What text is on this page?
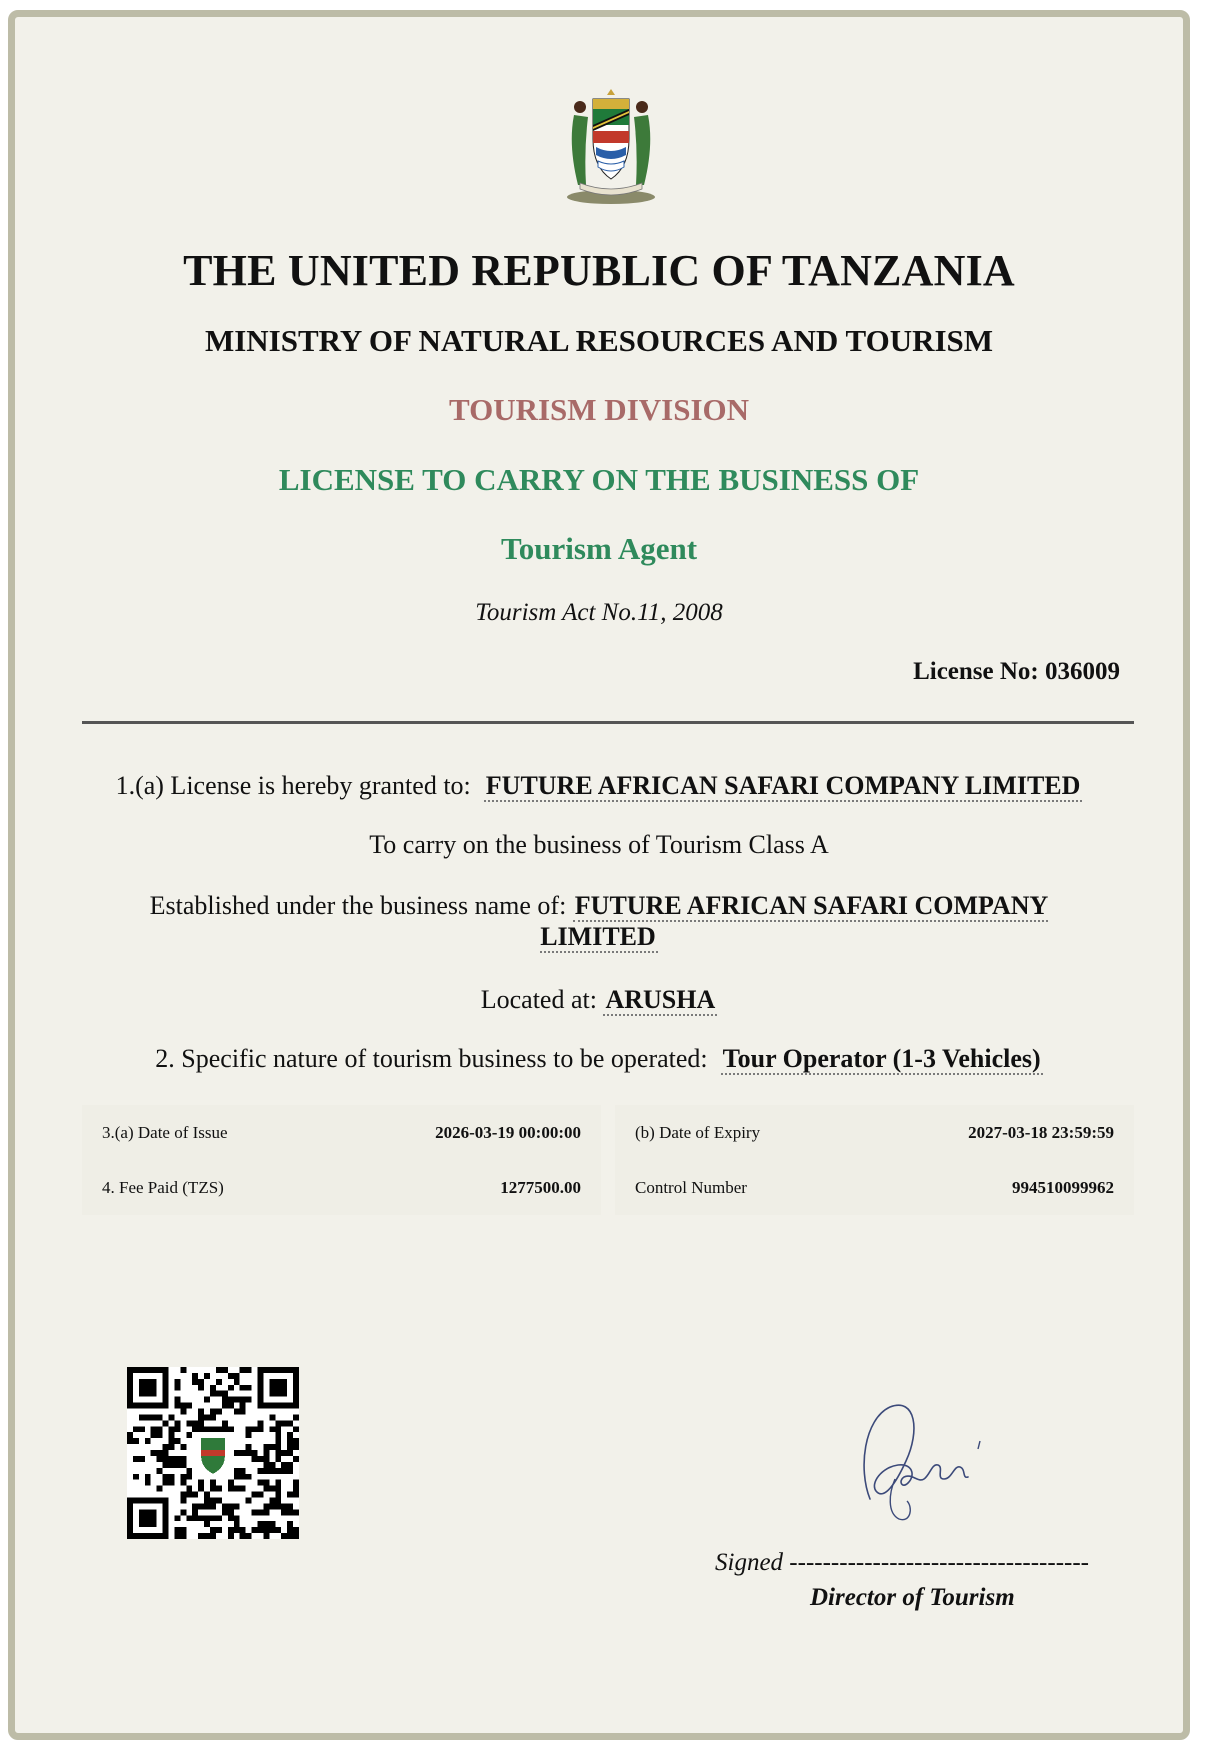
THE UNITED REPUBLIC OF TANZANIA
MINISTRY OF NATURAL RESOURCES AND TOURISM
TOURISM DIVISION
LICENSE TO CARRY ON THE BUSINESS OF
Tourism Agent
Tourism Act No.11, 2008
License No: 036009
1.(a) License is hereby granted to: FUTURE AFRICAN SAFARI COMPANY LIMITED
To carry on the business of Tourism Class A
Established under the business name of: FUTURE AFRICAN SAFARI COMPANY LIMITED
Located at: ARUSHA
2. Specific nature of tourism business to be operated: Tour Operator (1-3 Vehicles)
3.(a) Date of Issue	2026-03-19 00:00:00	(b) Date of Expiry	2027-03-18 23:59:59
4. Fee Paid (TZS)	1277500.00	Control Number	994510099962
Signed ------------------------------------
Director of Tourism
